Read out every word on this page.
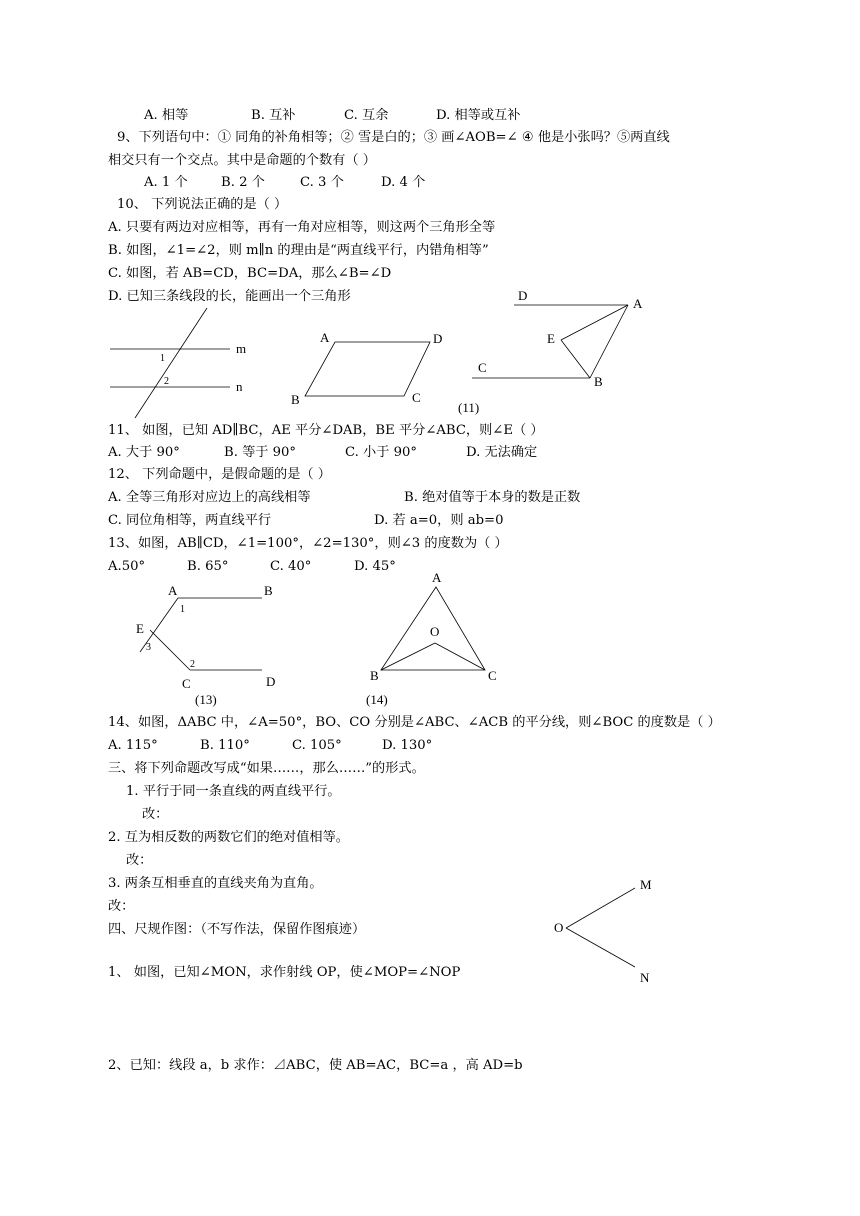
A. 相等	B. 互补	C. 互余	D. 相等或互补
9、下列语句中：① 同角的补角相等；② 雪是白的；③ 画∠AOB=∠ ④ 他是小张吗？⑤两直线
相交只有一个交点。其中是命题的个数有（ ）
A. 1 个	B. 2 个	C. 3 个	D. 4 个
10、 下列说法正确的是（ ）
A. 只要有两边对应相等，再有一角对应相等，则这两个三角形全等
B. 如图，∠1=∠2，则 m∥n 的理由是“两直线平行，内错角相等”
C. 如图，若 AB=CD，BC=DA，那么∠B=∠D
D. 已知三条线段的长，能画出一个三角形
m
n
1
2
A	D
B	C
D
A
E
C
B
(11)
A	B
E
C	D
1
2
3
(13)
A
O
B	C
(14)
M
O
N
11、 如图，已知 AD∥BC，AE 平分∠DAB，BE 平分∠ABC，则∠E（ ）
A. 大于 90°	B. 等于 90°	C. 小于 90°	D. 无法确定
12、 下列命题中，是假命题的是（ ）
A. 全等三角形对应边上的高线相等	B. 绝对值等于本身的数是正数
C. 同位角相等，两直线平行	D. 若 a=0，则 ab=0
13、如图，AB∥CD，∠1=100°，∠2=130°，则∠3 的度数为（ ）
A.50°	B. 65°	C. 40°	D. 45°
14、如图，ΔABC 中，∠A=50°，BO、CO 分别是∠ABC、∠ACB 的平分线，则∠BOC 的度数是（ ）
A. 115°	B. 110°	C. 105°	D. 130°
三、将下列命题改写成“如果……，那么……”的形式。
1. 平行于同一条直线的两直线平行。
改：
2. 互为相反数的两数它们的绝对值相等。
改：
3. 两条互相垂直的直线夹角为直角。
改：
四、尺规作图：（不写作法，保留作图痕迹）
1、 如图，已知∠MON，求作射线 OP，使∠MOP=∠NOP
2、已知：线段 a，b 求作：⊿ABC，使 AB=AC，BC=a ，高 AD=b
